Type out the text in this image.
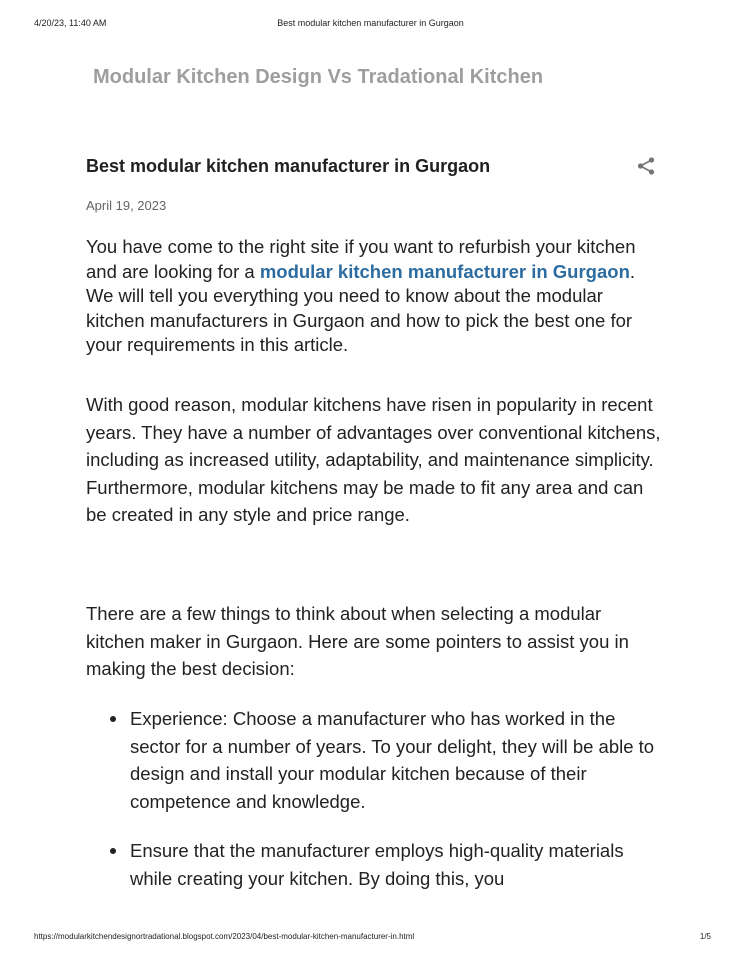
4/20/23, 11:40 AM	Best modular kitchen manufacturer in Gurgaon
Modular Kitchen Design Vs Tradational Kitchen
Best modular kitchen manufacturer in Gurgaon
April 19, 2023

You have come to the right site if you want to refurbish your kitchen and are looking for a modular kitchen manufacturer in Gurgaon. We will tell you everything you need to know about the modular kitchen manufacturers in Gurgaon and how to pick the best one for your requirements in this article.

With good reason, modular kitchens have risen in popularity in recent years. They have a number of advantages over conventional kitchens, including as increased utility, adaptability, and maintenance simplicity. Furthermore, modular kitchens may be made to fit any area and can be created in any style and price range.

There are a few things to think about when selecting a modular kitchen maker in Gurgaon. Here are some pointers to assist you in making the best decision:

Experience: Choose a manufacturer who has worked in the sector for a number of years. To your delight, they will be able to design and install your modular kitchen because of their competence and knowledge.
Ensure that the manufacturer employs high-quality materials while creating your kitchen. By doing this, you
https://modularkitchendesignortradational.blogspot.com/2023/04/best-modular-kitchen-manufacturer-in.html	1/5
